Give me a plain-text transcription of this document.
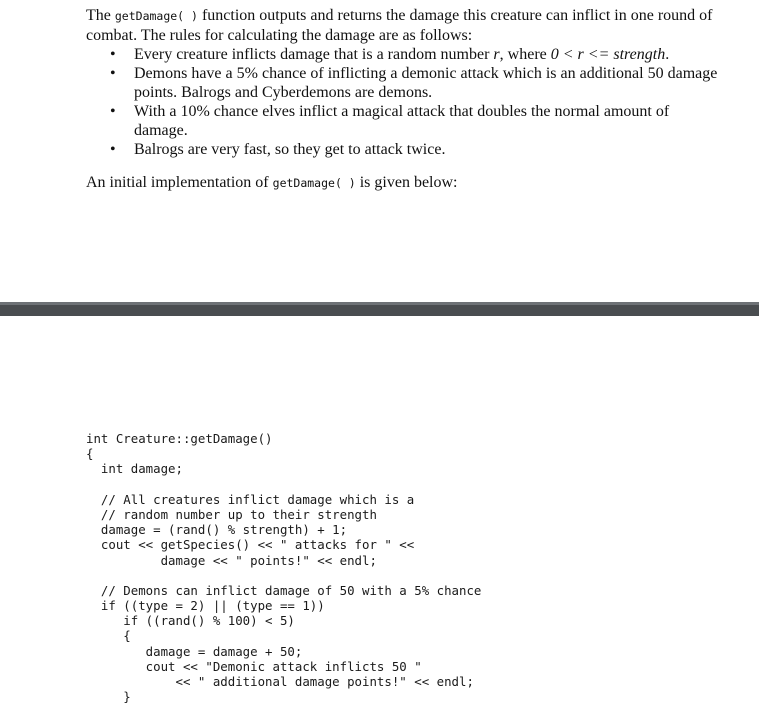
The getDamage( ) function outputs and returns the damage this creature can inflict in one round of combat. The rules for calculating the damage are as follows:

• Every creature inflicts damage that is a random number r, where 0 < r <= strength.
• Demons have a 5% chance of inflicting a demonic attack which is an additional 50 damage points. Balrogs and Cyberdemons are demons.
• With a 10% chance elves inflict a magical attack that doubles the normal amount of damage.
• Balrogs are very fast, so they get to attack twice.

An initial implementation of getDamage( ) is given below:

int Creature::getDamage()
{
int damage;
// All creatures inflict damage which is a
// random number up to their strength
damage = (rand() % strength) + 1;
cout << getSpecies() << " attacks for " <<
damage << " points!" << endl;
// Demons can inflict damage of 50 with a 5% chance
if ((type = 2) || (type == 1))
if ((rand() % 100) < 5)
{
damage = damage + 50;
cout << "Demonic attack inflicts 50 "
<< " additional damage points!" << endl;
}
